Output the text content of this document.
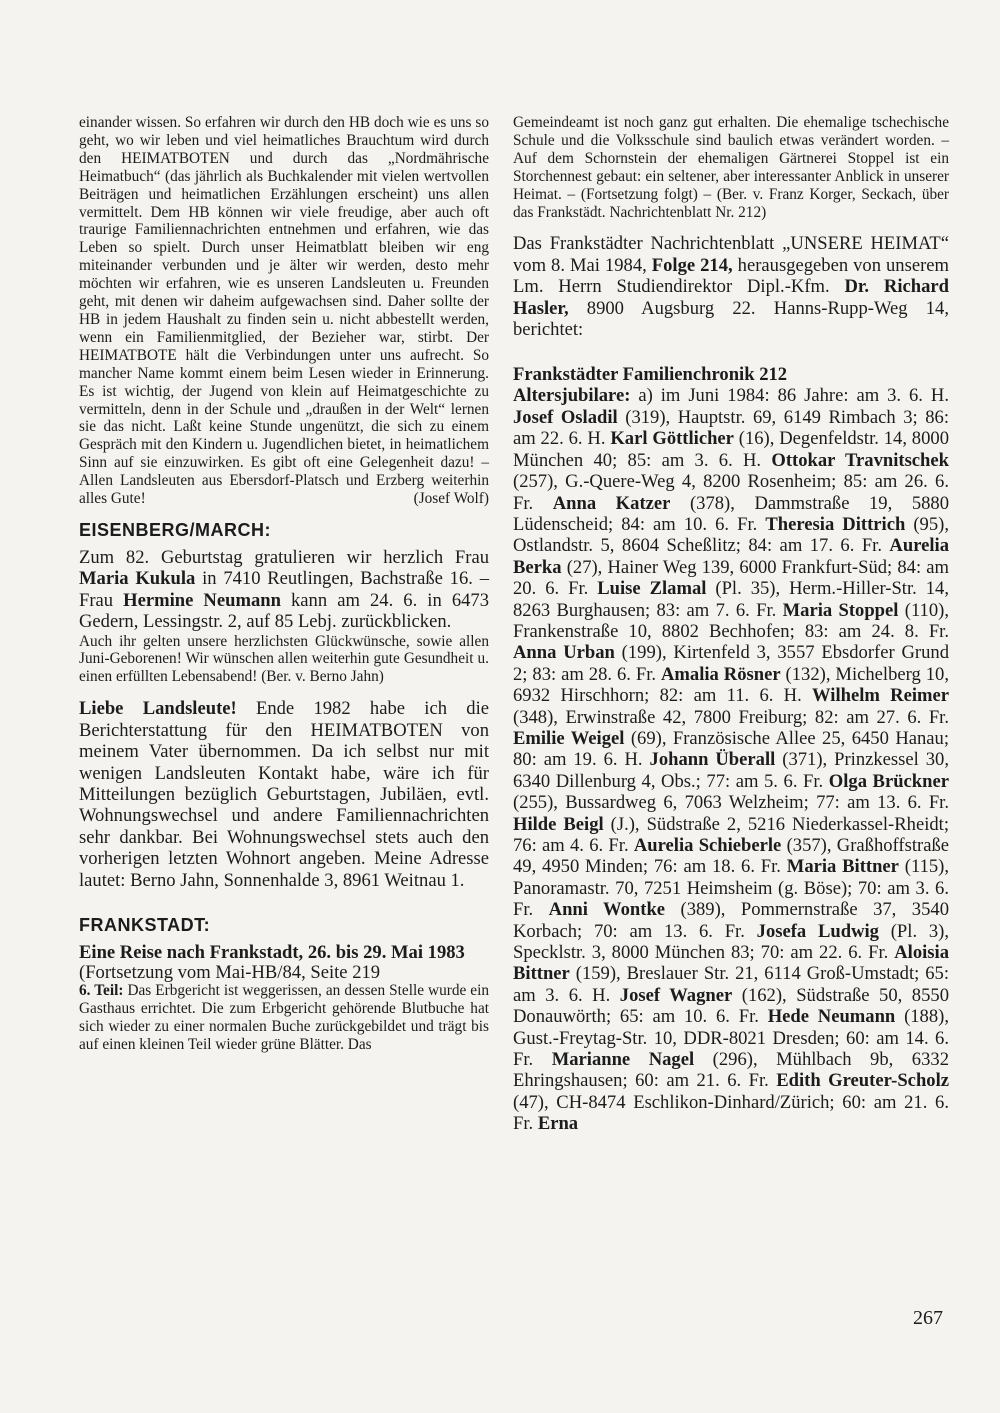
einander wissen. So erfahren wir durch den HB doch wie es uns so geht, wo wir leben und viel heimatliches Brauchtum wird durch den HEIMATBOTEN und durch das „Nordmährische Heimatbuch“ (das jährlich als Buchkalender mit vielen wertvollen Beiträgen und heimatlichen Erzählungen erscheint) uns allen vermittelt. Dem HB können wir viele freudige, aber auch oft traurige Familiennachrichten entnehmen und erfahren, wie das Leben so spielt. Durch unser Heimatblatt bleiben wir eng miteinander verbunden und je älter wir werden, desto mehr möchten wir erfahren, wie es unseren Landsleuten u. Freunden geht, mit denen wir daheim aufgewachsen sind. Daher sollte der HB in jedem Haushalt zu finden sein u. nicht abbestellt werden, wenn ein Familienmitglied, der Bezieher war, stirbt. Der HEIMATBOTE hält die Verbindungen unter uns aufrecht. So mancher Name kommt einem beim Lesen wieder in Erinnerung. Es ist wichtig, der Jugend von klein auf Heimatgeschichte zu vermitteln, denn in der Schule und „draußen in der Welt“ lernen sie das nicht. Laßt keine Stunde ungenützt, die sich zu einem Gespräch mit den Kindern u. Jugendlichen bietet, in heimatlichem Sinn auf sie einzuwirken. Es gibt oft eine Gelegenheit dazu! – Allen Landsleuten aus Ebersdorf-Platsch und Erzberg weiterhin alles Gute!	(Josef Wolf)

EISENBERG/MARCH:

Zum 82. Geburtstag gratulieren wir herzlich Frau Maria Kukula in 7410 Reutlingen, Bachstraße 16. – Frau Hermine Neumann kann am 24. 6. in 6473 Gedern, Lessingstr. 2, auf 85 Lebj. zurückblicken.

Auch ihr gelten unsere herzlichsten Glückwünsche, sowie allen Juni-Geborenen! Wir wünschen allen weiterhin gute Gesundheit u. einen erfüllten Lebensabend! (Ber. v. Berno Jahn)

Liebe Landsleute! Ende 1982 habe ich die Berichterstattung für den HEIMATBOTEN von meinem Vater übernommen. Da ich selbst nur mit wenigen Landsleuten Kontakt habe, wäre ich für Mitteilungen bezüglich Geburtstagen, Jubiläen, evtl. Wohnungswechsel und andere Familiennachrichten sehr dankbar. Bei Wohnungswechsel stets auch den vorherigen letzten Wohnort angeben. Meine Adresse lautet: Berno Jahn, Sonnenhalde 3, 8961 Weitnau 1.

FRANKSTADT:

Eine Reise nach Frankstadt, 26. bis 29. Mai 1983

(Fortsetzung vom Mai-HB/84, Seite 219

6. Teil: Das Erbgericht ist weggerissen, an dessen Stelle wurde ein Gasthaus errichtet. Die zum Erbgericht gehörende Blutbuche hat sich wieder zu einer normalen Buche zurückgebildet und trägt bis auf einen kleinen Teil wieder grüne Blätter. Das

Gemeindeamt ist noch ganz gut erhalten. Die ehemalige tschechische Schule und die Volksschule sind baulich etwas verändert worden. – Auf dem Schornstein der ehemaligen Gärtnerei Stoppel ist ein Storchennest gebaut: ein seltener, aber interessanter Anblick in unserer Heimat. – (Fortsetzung folgt) – (Ber. v. Franz Korger, Seckach, über das Frankstädt. Nachrichtenblatt Nr. 212)

Das Frankstädter Nachrichtenblatt „UNSERE HEIMAT“ vom 8. Mai 1984, Folge 214, herausgegeben von unserem Lm. Herrn Studiendirektor Dipl.-Kfm. Dr. Richard Hasler, 8900 Augsburg 22. Hanns-Rupp-Weg 14, berichtet:

Frankstädter Familienchronik 212

Altersjubilare: a) im Juni 1984: 86 Jahre: am 3. 6. H. Josef Osladil (319), Hauptstr. 69, 6149 Rimbach 3; 86: am 22. 6. H. Karl Göttlicher (16), Degenfeldstr. 14, 8000 München 40; 85: am 3. 6. H. Ottokar Travnitschek (257), G.-Quere-Weg 4, 8200 Rosenheim; 85: am 26. 6. Fr. Anna Katzer (378), Dammstraße 19, 5880 Lüdenscheid; 84: am 10. 6. Fr. Theresia Dittrich (95), Ostlandstr. 5, 8604 Scheßlitz; 84: am 17. 6. Fr. Aurelia Berka (27), Hainer Weg 139, 6000 Frankfurt-Süd; 84: am 20. 6. Fr. Luise Zlamal (Pl. 35), Herm.-Hiller-Str. 14, 8263 Burghausen; 83: am 7. 6. Fr. Maria Stoppel (110), Frankenstraße 10, 8802 Bechhofen; 83: am 24. 8. Fr. Anna Urban (199), Kirtenfeld 3, 3557 Ebsdorfer Grund 2; 83: am 28. 6. Fr. Amalia Rösner (132), Michelberg 10, 6932 Hirschhorn; 82: am 11. 6. H. Wilhelm Reimer (348), Erwinstraße 42, 7800 Freiburg; 82: am 27. 6. Fr. Emilie Weigel (69), Französische Allee 25, 6450 Hanau; 80: am 19. 6. H. Johann Überall (371), Prinzkessel 30, 6340 Dillenburg 4, Obs.; 77: am 5. 6. Fr. Olga Brückner (255), Bussardweg 6, 7063 Welzheim; 77: am 13. 6. Fr. Hilde Beigl (J.), Südstraße 2, 5216 Niederkassel-Rheidt; 76: am 4. 6. Fr. Aurelia Schieberle (357), Graßhoffstraße 49, 4950 Minden; 76: am 18. 6. Fr. Maria Bittner (115), Panoramastr. 70, 7251 Heimsheim (g. Böse); 70: am 3. 6. Fr. Anni Wontke (389), Pommernstraße 37, 3540 Korbach; 70: am 13. 6. Fr. Josefa Ludwig (Pl. 3), Specklstr. 3, 8000 München 83; 70: am 22. 6. Fr. Aloisia Bittner (159), Breslauer Str. 21, 6114 Groß-Umstadt; 65: am 3. 6. H. Josef Wagner (162), Südstraße 50, 8550 Donauwörth; 65: am 10. 6. Fr. Hede Neumann (188), Gust.-Freytag-Str. 10, DDR-8021 Dresden; 60: am 14. 6. Fr. Marianne Nagel (296), Mühlbach 9b, 6332 Ehringshausen; 60: am 21. 6. Fr. Edith Greuter-Scholz (47), CH-8474 Eschlikon-Dinhard/Zürich; 60: am 21. 6. Fr. Erna

267
